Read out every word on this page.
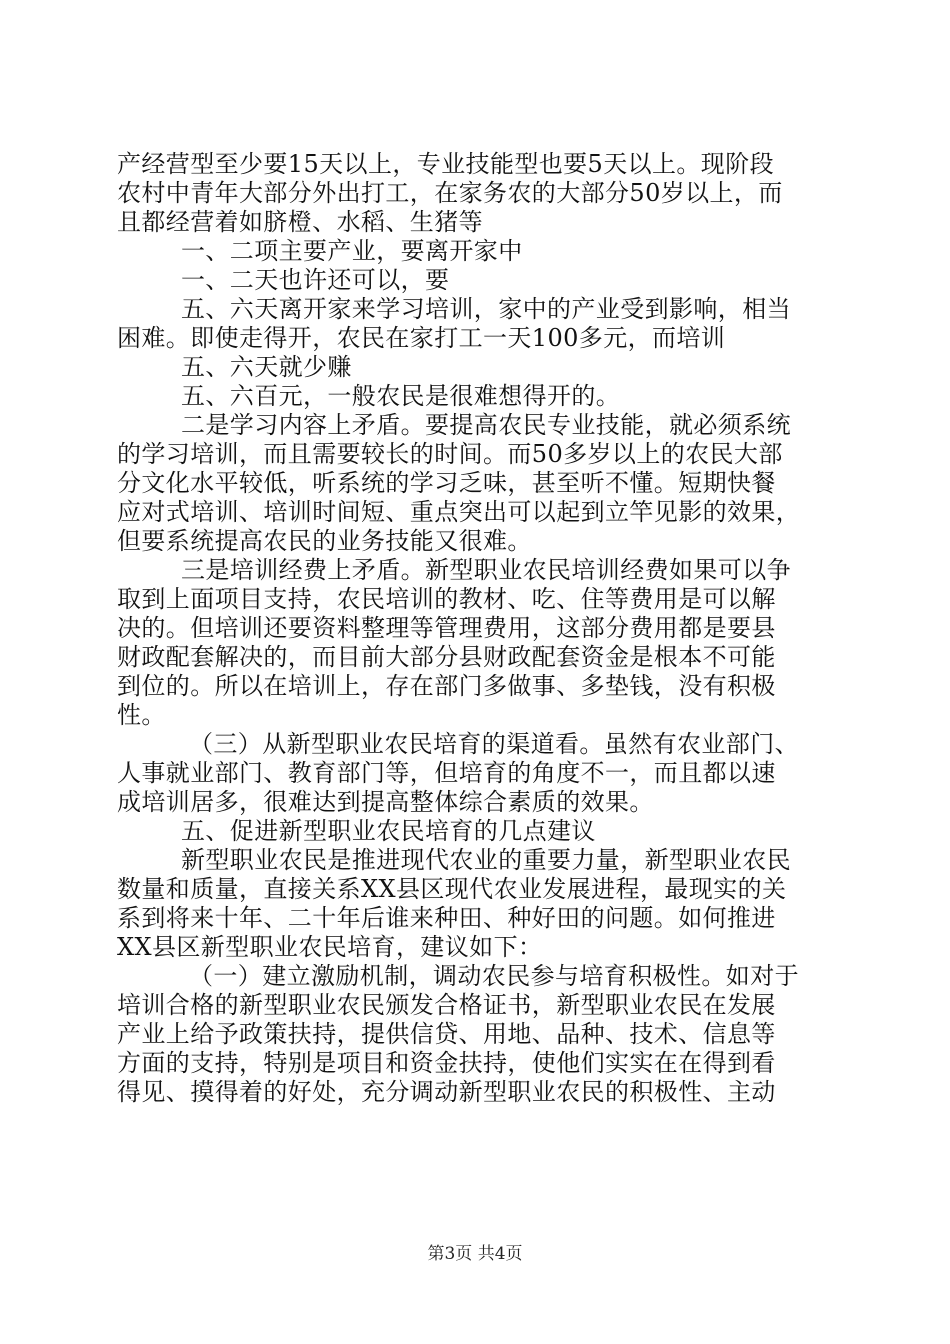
产经营型至少要15天以上，专业技能型也要5天以上。现阶段
农村中青年大部分外出打工，在家务农的大部分50岁以上，而
且都经营着如脐橙、水稻、生猪等
一、二项主要产业，要离开家中
一、二天也许还可以，要
五、六天离开家来学习培训，家中的产业受到影响，相当
困难。即使走得开，农民在家打工一天100多元，而培训
五、六天就少赚
五、六百元，一般农民是很难想得开的。
二是学习内容上矛盾。要提高农民专业技能，就必须系统
的学习培训，而且需要较长的时间。而50多岁以上的农民大部
分文化水平较低，听系统的学习乏味，甚至听不懂。短期快餐
应对式培训、培训时间短、重点突出可以起到立竿见影的效果，
但要系统提高农民的业务技能又很难。
三是培训经费上矛盾。新型职业农民培训经费如果可以争
取到上面项目支持，农民培训的教材、吃、住等费用是可以解
决的。但培训还要资料整理等管理费用，这部分费用都是要县
财政配套解决的，而目前大部分县财政配套资金是根本不可能
到位的。所以在培训上，存在部门多做事、多垫钱，没有积极
性。
（三）从新型职业农民培育的渠道看。虽然有农业部门、
人事就业部门、教育部门等，但培育的角度不一，而且都以速
成培训居多，很难达到提高整体综合素质的效果。
五、促进新型职业农民培育的几点建议
新型职业农民是推进现代农业的重要力量，新型职业农民
数量和质量，直接关系XX县区现代农业发展进程，最现实的关
系到将来十年、二十年后谁来种田、种好田的问题。如何推进
XX县区新型职业农民培育，建议如下：
（一）建立激励机制，调动农民参与培育积极性。如对于
培训合格的新型职业农民颁发合格证书，新型职业农民在发展
产业上给予政策扶持，提供信贷、用地、品种、技术、信息等
方面的支持，特别是项目和资金扶持，使他们实实在在得到看
得见、摸得着的好处，充分调动新型职业农民的积极性、主动
第3页 共4页
